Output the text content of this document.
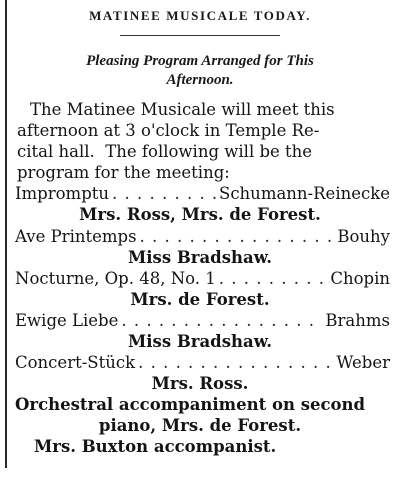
MATINEE MUSICALE TODAY.
Pleasing Program Arranged for This
Afternoon.
The Matinee Musicale will meet this
afternoon at 3 o'clock in Temple Re-
cital hall.  The following will be the
program for the meeting:
Impromptu . . .	Schumann-Reinecke
Mrs. Ross, Mrs. de Forest.
Ave Printemps . . .	Bouhy
Miss Bradshaw.
Nocturne, Op. 48, No. 1 . . .	Chopin
Mrs. de Forest.
Ewige Liebe . . .	Brahms
Miss Bradshaw.
Concert-Stück . . .	Weber
Mrs. Ross.
Orchestral accompaniment on second
piano, Mrs. de Forest.
Mrs. Buxton accompanist.
